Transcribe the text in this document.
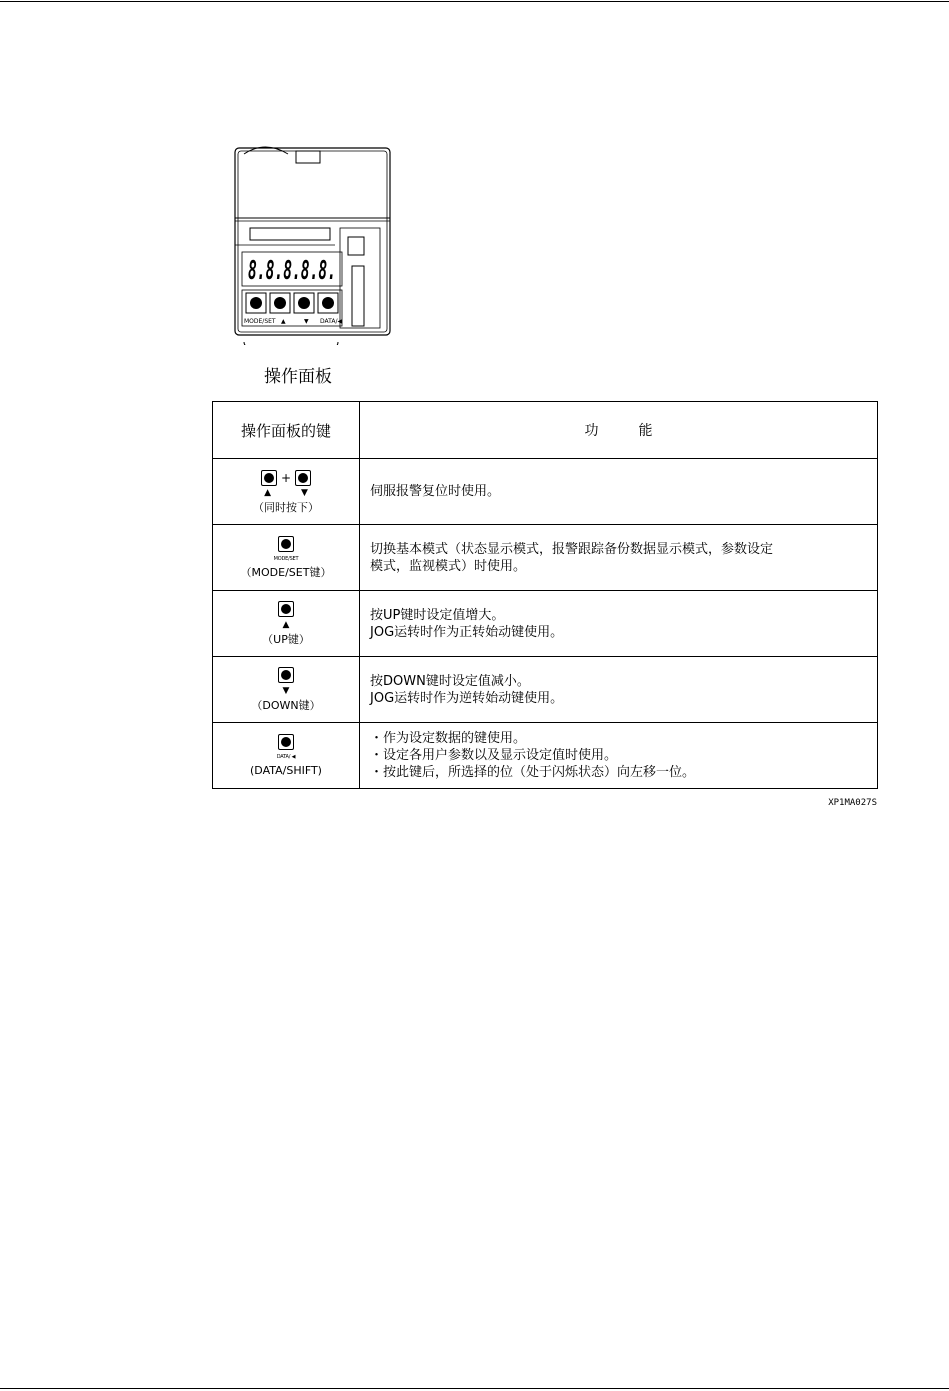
8.8.8.8.8.
MODE/SET ▲	▼ DATA/◀
操作面板
操作面板的键	功 能

+
▲ ▼
（同时按下）	伺服报警复位时使用。

MODE/SET
（MODE/SET键）	切换基本模式（状态显示模式，报警跟踪备份数据显示模式，参数设定
模式，监视模式）时使用。

▲
（UP键）	按UP键时设定值增大。
JOG运转时作为正转始动键使用。

▼
（DOWN键）	按DOWN键时设定值减小。
JOG运转时作为逆转始动键使用。

DATA/ ◀
(DATA/SHIFT)	・作为设定数据的键使用。
・设定各用户参数以及显示设定值时使用。
・按此键后，所选择的位（处于闪烁状态）向左移一位。
XP1MA027S
